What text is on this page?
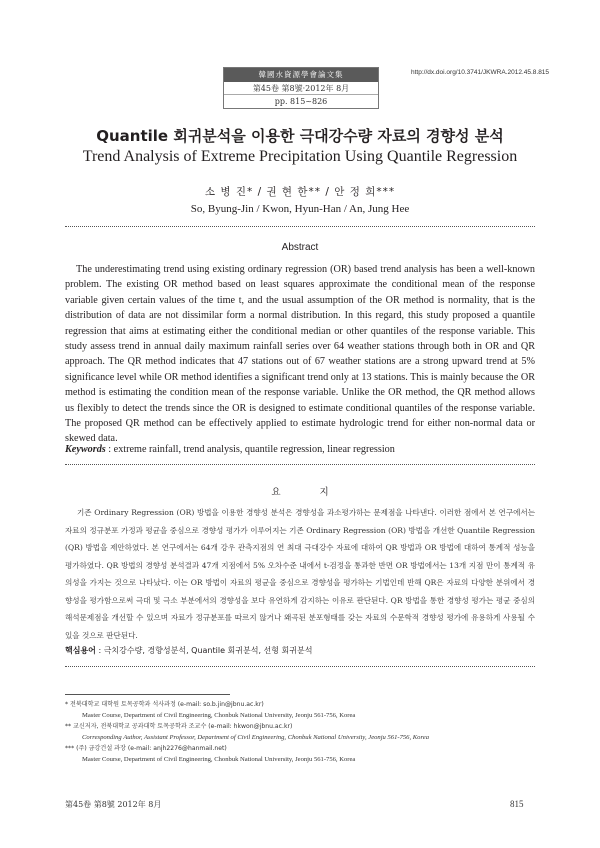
韓國水資源學會論文集
第45卷 第8號·2012年 8月
pp. 815~826
http://dx.doi.org/10.3741/JKWRA.2012.45.8.815
Quantile 회귀분석을 이용한 극대강수량 자료의 경향성 분석
Trend Analysis of Extreme Precipitation Using Quantile Regression
소 병 진* / 권 현 한** / 안 정 희***
So, Byung-Jin / Kwon, Hyun-Han / An, Jung Hee
Abstract
The underestimating trend using existing ordinary regression (OR) based trend analysis has been a well-known problem. The existing OR method based on least squares approximate the conditional mean of the response variable given certain values of the time t, and the usual assumption of the OR method is normality, that is the distribution of data are not dissimilar form a normal distribution. In this regard, this study proposed a quantile regression that aims at estimating either the conditional median or other quantiles of the response variable. This study assess trend in annual daily maximum rainfall series over 64 weather stations through both in OR and QR approach. The QR method indicates that 47 stations out of 67 weather stations are a strong upward trend at 5% significance level while OR method identifies a significant trend only at 13 stations. This is mainly because the OR method is estimating the condition mean of the response variable. Unlike the OR method, the QR method allows us flexibly to detect the trends since the OR is designed to estimate conditional quantiles of the response variable. The proposed QR method can be effectively applied to estimate hydrologic trend for either non-normal data or skewed data.
Keywords : extreme rainfall, trend analysis, quantile regression, linear regression
요 지
기존 Ordinary Regression (OR) 방법을 이용한 경향성 분석은 경향성을 과소평가하는 문제점을 나타낸다. 이러한 점에서 본 연구에서는 자료의 정규분포 가정과 평균을 중심으로 경향성 평가가 이루어지는 기존 Ordinary Regression (OR) 방법을 개선한 Quantile Regression (QR) 방법을 제안하였다. 본 연구에서는 64개 강우 관측지점의 연 최대 극대강수 자료에 대하여 QR 방법과 OR 방법에 대하여 통계적 성능을 평가하였다. QR 방법의 경향성 분석결과 47개 지점에서 5% 오차수준 내에서 t-검정을 통과한 반면 OR 방법에서는 13개 지점 만이 통계적 유의성을 가지는 것으로 나타났다. 이는 OR 방법이 자료의 평균을 중심으로 경향성을 평가하는 기법인데 반해 QR은 자료의 다양한 분위에서 경향성을 평가함으로써 극대 및 극소 부분에서의 경향성을 보다 유연하게 감지하는 이유로 판단된다. QR 방법을 통한 경향성 평가는 평균 중심의 해석문제점을 개선할 수 있으며 자료가 정규분포를 따르지 않거나 왜곡된 분포형태를 갖는 자료의 수문학적 경향성 평가에 유용하게 사용될 수 있을 것으로 판단된다.
핵심용어 : 극치강수량, 경향성분석, Quantile 회귀분석, 선형 회귀분석
* 전북대학교 대학원 토목공학과 석사과정 (e-mail: so.b.jin@jbnu.ac.kr)
Master Course, Department of Civil Engineering, Chonbuk National University, Jeonju 561-756, Korea
** 교신저자, 전북대학교 공과대학 토목공학과 조교수 (e-mail: hkwon@jbnu.ac.kr)
Corresponding Author, Assistant Professor, Department of Civil Engineering, Chonbuk National University, Jeonju 561-756, Korea
*** (주) 금강건설 과장 (e-mail: anjh2276@hanmail.net)
Master Course, Department of Civil Engineering, Chonbuk National University, Jeonju 561-756, Korea
第45卷 第8號 2012年 8月	815
